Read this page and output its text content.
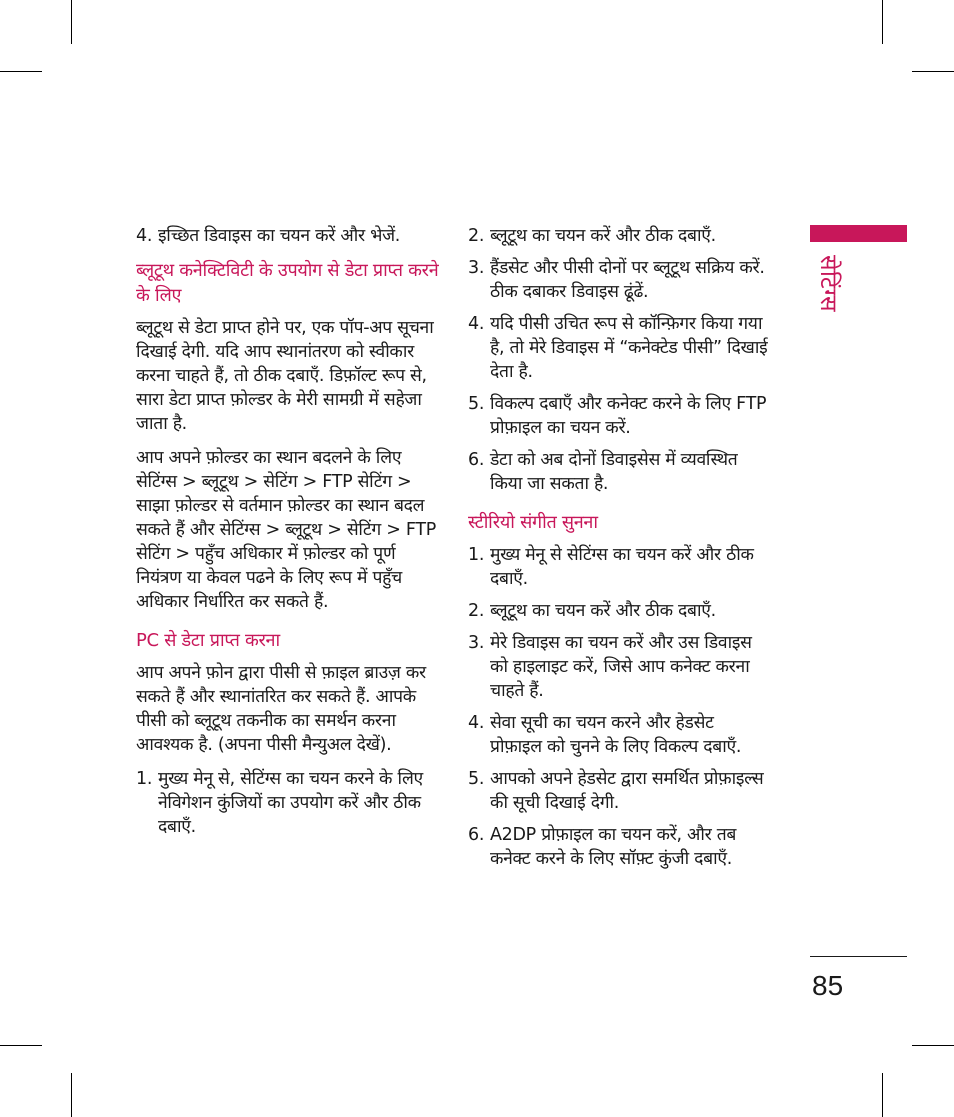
4. इच्छित डिवाइस का चयन करें और भेजें.
ब्लूटूथ कनेक्टिविटी के उपयोग से डेटा प्राप्त करने के लिए

ब्लूटूथ से डेटा प्राप्त होने पर, एक पॉप-अप सूचना दिखाई देगी. यदि आप स्थानांतरण को स्वीकार करना चाहते हैं, तो ठीक दबाएँ. डिफ़ॉल्ट रूप से, सारा डेटा प्राप्त फ़ोल्डर के मेरी सामग्री में सहेजा जाता है.

आप अपने फ़ोल्डर का स्थान बदलने के लिए सेटिंग्स > ब्लूटूथ > सेटिंग > FTP सेटिंग > साझा फ़ोल्डर से वर्तमान फ़ोल्डर का स्थान बदल सकते हैं और सेटिंग्स > ब्लूटूथ > सेटिंग > FTP सेटिंग > पहुँच अधिकार में फ़ोल्डर को पूर्ण नियंत्रण या केवल पढने के लिए रूप में पहुँच अधिकार निर्धारित कर सकते हैं.

PC से डेटा प्राप्त करना

आप अपने फ़ोन द्वारा पीसी से फ़ाइल ब्राउज़ कर सकते हैं और स्थानांतरित कर सकते हैं. आपके पीसी को ब्लूटूथ तकनीक का समर्थन करना आवश्यक है. (अपना पीसी मैन्युअल देखें).

1. मुख्य मेनू से, सेटिंग्स का चयन करने के लिए नेविगेशन कुंजियों का उपयोग करें और ठीक दबाएँ.
2. ब्लूटूथ का चयन करें और ठीक दबाएँ.
3. हैंडसेट और पीसी दोनों पर ब्लूटूथ सक्रिय करें. ठीक दबाकर डिवाइस ढूंढें.
4. यदि पीसी उचित रूप से कॉन्फ़िगर किया गया है, तो मेरे डिवाइस में “कनेक्टेड पीसी” दिखाई देता है.
5. विकल्प दबाएँ और कनेक्ट करने के लिए FTP प्रोफ़ाइल का चयन करें.
6. डेटा को अब दोनों डिवाइसेस में व्यवस्थित किया जा सकता है.
स्टीरियो संगीत सुनना
1. मुख्य मेनू से सेटिंग्स का चयन करें और ठीक दबाएँ.
2. ब्लूटूथ का चयन करें और ठीक दबाएँ.
3. मेरे डिवाइस का चयन करें और उस डिवाइस को हाइलाइट करें, जिसे आप कनेक्ट करना चाहते हैं.
4. सेवा सूची का चयन करने और हेडसेट प्रोफ़ाइल को चुनने के लिए विकल्प दबाएँ.
5. आपको अपने हेडसेट द्वारा समर्थित प्रोफ़ाइल्स की सूची दिखाई देगी.
6. A2DP प्रोफ़ाइल का चयन करें, और तब कनेक्ट करने के लिए सॉफ़्ट कुंजी दबाएँ.
सेटिंग्स
85
